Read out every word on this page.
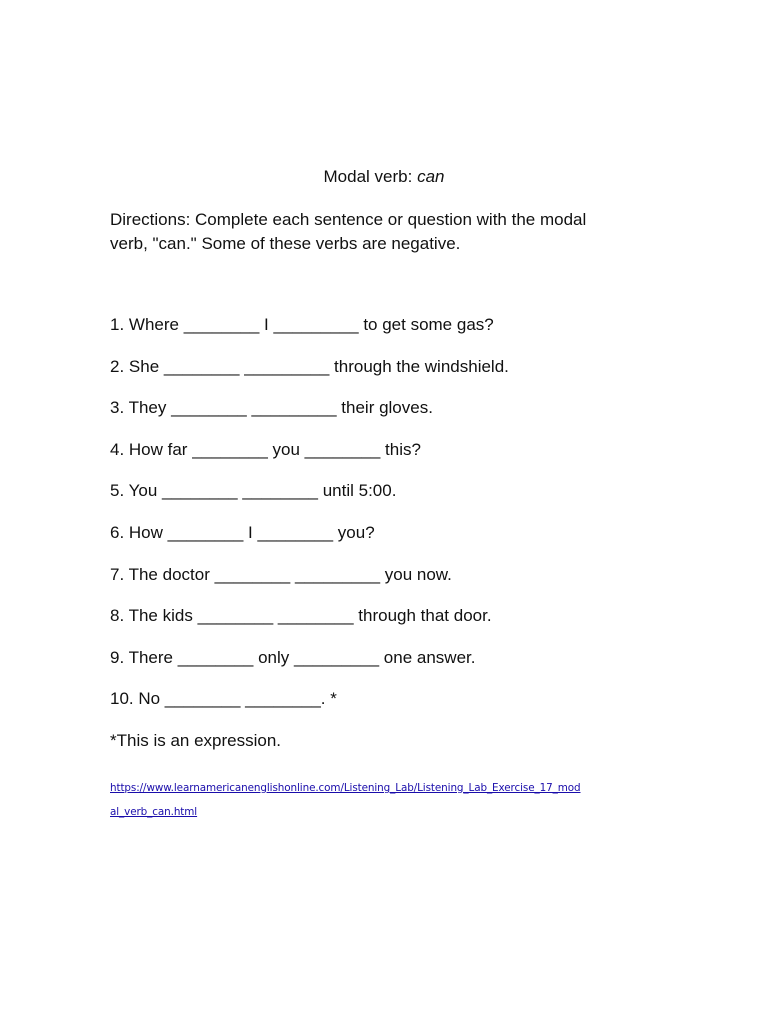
Modal verb: can
Directions: Complete each sentence or question with the modal
verb, "can." Some of these verbs are negative.
1. Where ________ I _________ to get some gas?
2. She ________ _________ through the windshield.
3. They ________ _________ their gloves.
4. How far ________ you ________ this?
5. You ________ ________ until 5:00.
6. How ________ I ________ you?
7. The doctor ________ _________ you now.
8. The kids ________ ________ through that door.
9. There ________ only _________ one answer.
10. No ________ ________. *
*This is an expression.
https://www.learnamericanenglishonline.com/Listening_Lab/Listening_Lab_Exercise_17_mod
al_verb_can.html
